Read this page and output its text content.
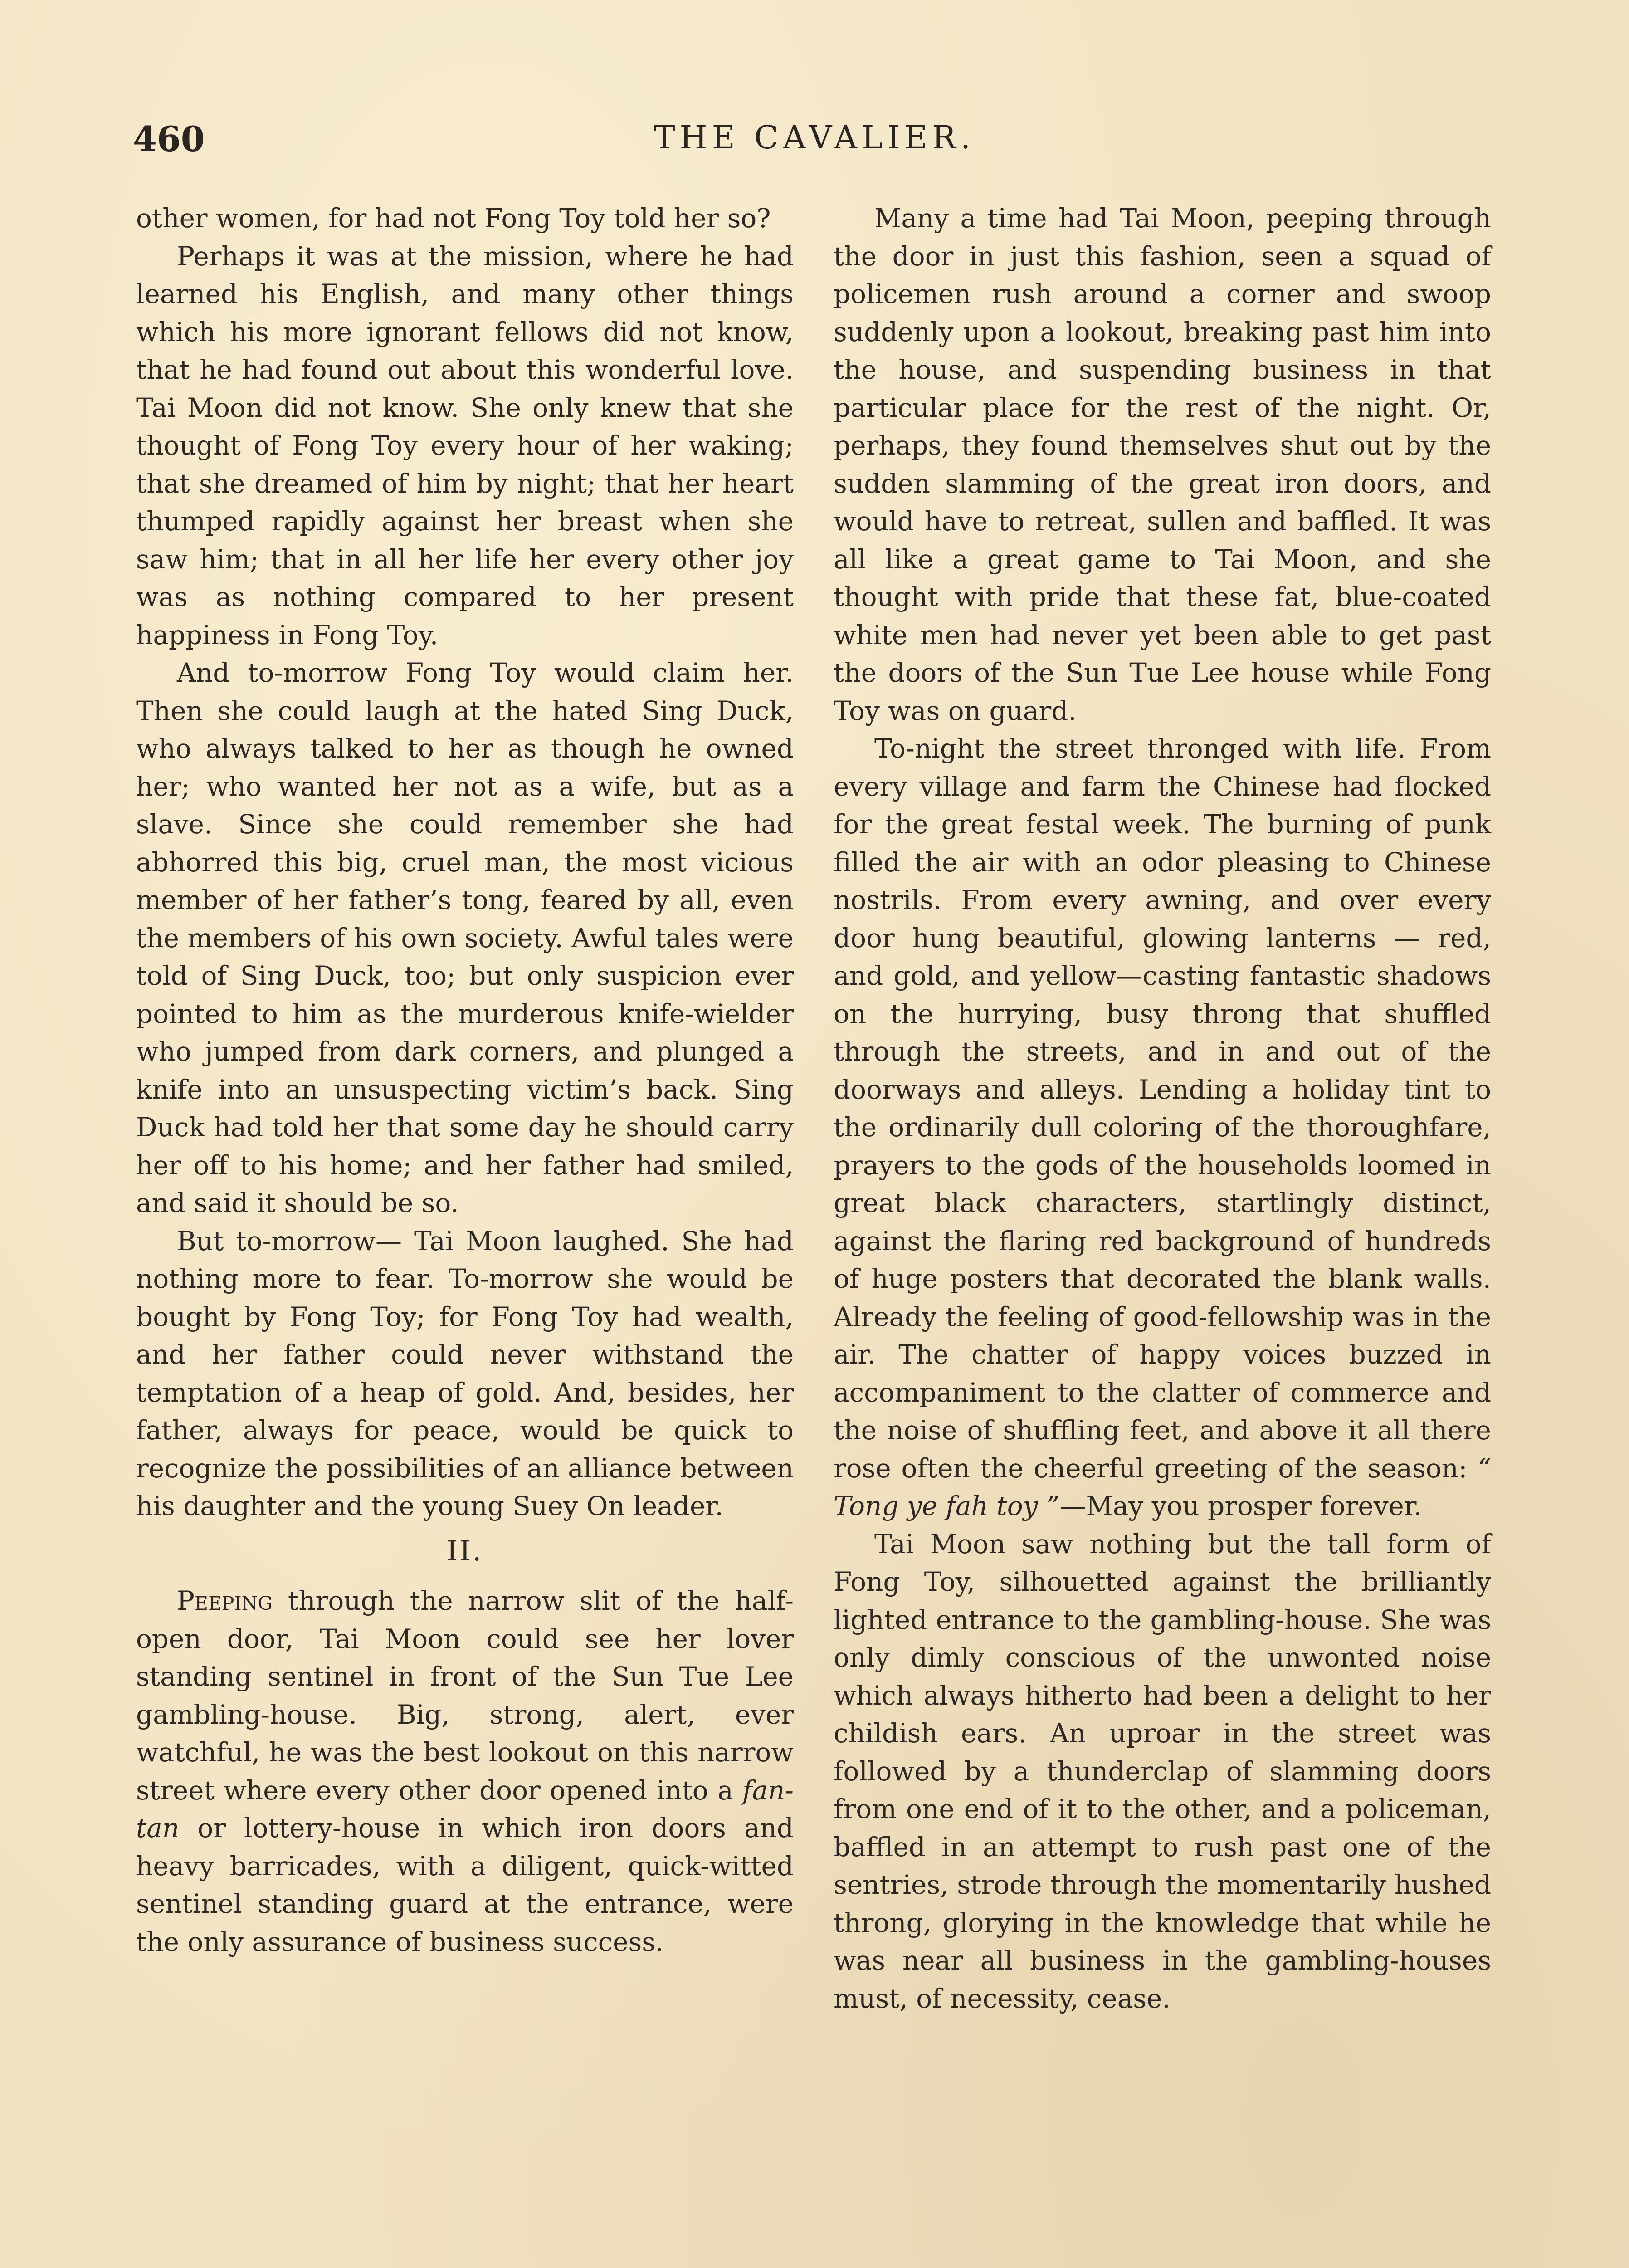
460	THE CAVALIER.

other women, for had not Fong Toy told her so?

Perhaps it was at the mission, where he had learned his English, and many other things which his more ignorant fellows did not know, that he had found out about this wonderful love. Tai Moon did not know. She only knew that she thought of Fong Toy every hour of her waking; that she dreamed of him by night; that her heart thumped rapidly against her breast when she saw him; that in all her life her every other joy was as nothing compared to her present happiness in Fong Toy.

And to-morrow Fong Toy would claim her. Then she could laugh at the hated Sing Duck, who always talked to her as though he owned her; who wanted her not as a wife, but as a slave. Since she could remember she had abhorred this big, cruel man, the most vicious member of her father’s tong, feared by all, even the members of his own society. Awful tales were told of Sing Duck, too; but only suspicion ever pointed to him as the murderous knife-wielder who jumped from dark corners, and plunged a knife into an unsuspecting victim’s back. Sing Duck had told her that some day he should carry her off to his home; and her father had smiled, and said it should be so.

But to-morrow— Tai Moon laughed. She had nothing more to fear. To-morrow she would be bought by Fong Toy; for Fong Toy had wealth, and her father could never withstand the temptation of a heap of gold. And, besides, her father, always for peace, would be quick to recognize the possibilities of an alliance between his daughter and the young Suey On leader.

II.

Peeping through the narrow slit of the half-open door, Tai Moon could see her lover standing sentinel in front of the Sun Tue Lee gambling-house. Big, strong, alert, ever watchful, he was the best lookout on this narrow street where every other door opened into a fan-tan or lottery-house in which iron doors and heavy barricades, with a diligent, quick-witted sentinel standing guard at the entrance, were the only assurance of business success.

Many a time had Tai Moon, peeping through the door in just this fashion, seen a squad of policemen rush around a corner and swoop suddenly upon a lookout, breaking past him into the house, and suspending business in that particular place for the rest of the night. Or, perhaps, they found themselves shut out by the sudden slamming of the great iron doors, and would have to retreat, sullen and baffled. It was all like a great game to Tai Moon, and she thought with pride that these fat, blue-coated white men had never yet been able to get past the doors of the Sun Tue Lee house while Fong Toy was on guard.

To-night the street thronged with life. From every village and farm the Chinese had flocked for the great festal week. The burning of punk filled the air with an odor pleasing to Chinese nostrils. From every awning, and over every door hung beautiful, glowing lanterns — red, and gold, and yellow—casting fantastic shadows on the hurrying, busy throng that shuffled through the streets, and in and out of the doorways and alleys. Lending a holiday tint to the ordinarily dull coloring of the thoroughfare, prayers to the gods of the households loomed in great black characters, startlingly distinct, against the flaring red background of hundreds of huge posters that decorated the blank walls. Already the feeling of good-fellowship was in the air. The chatter of happy voices buzzed in accompaniment to the clatter of commerce and the noise of shuffling feet, and above it all there rose often the cheerful greeting of the season: “ Tong ye fah toy ”—May you prosper forever.

Tai Moon saw nothing but the tall form of Fong Toy, silhouetted against the brilliantly lighted entrance to the gambling-house. She was only dimly conscious of the unwonted noise which always hitherto had been a delight to her childish ears. An uproar in the street was followed by a thunderclap of slamming doors from one end of it to the other, and a policeman, baffled in an attempt to rush past one of the sentries, strode through the momentarily hushed throng, glorying in the knowledge that while he was near all business in the gambling-houses must, of necessity, cease.
